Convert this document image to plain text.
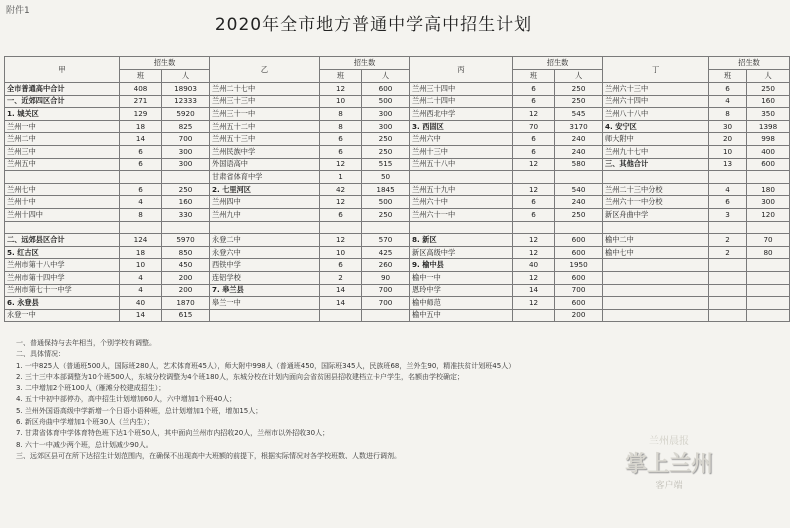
附件1
2020年全市地方普通中学高中招生计划
甲	招生数		乙	招生数		丙	招生数		丁	招生数	
	班	人		班	人		班	人		班	人
全市普通高中合计	408	18903	兰州二十七中	12	600	兰州三十四中	6	250	兰州六十三中	6	250
一、近郊四区合计	271	12333	兰州三十三中	10	500	兰州二十四中	6	250	兰州六十四中	4	160
1. 城关区	129	5920	兰州三十一中	8	300	兰州西北中学	12	545	兰州八十八中	8	350
兰州一中	18	825	兰州五十二中	8	300	3. 西固区	70	3170	4. 安宁区	30	1398
兰州二中	14	700	兰州五十三中	6	250	兰州六中	6	240	师大附中	20	998
兰州三中	6	300	兰州民族中学	6	250	兰州十三中	6	240	兰州九十七中	10	400
兰州五中	6	300	外国语高中	12	515	兰州五十八中	12	580	三、其他合计	13	600
			甘肃省体育中学	1	50						
兰州七中	6	250	2. 七里河区	42	1845	兰州五十九中	12	540	兰州二十三中分校	4	180
兰州十中	4	160	兰州四中	12	500	兰州六十中	6	240	兰州六十一中分校	6	300
兰州十四中	8	330	兰州九中	6	250	兰州六十一中	6	250	新区舟曲中学	3	120

二、远郊县区合计	124	5970	永登二中	12	570	8. 新区	12	600	榆中二中	2	70
5. 红古区	18	850	永登六中	10	425	新区高级中学	12	600	榆中七中	2	80
兰州市第十八中学	10	450	西铁中学	6	260	9. 榆中县	40	1950			
兰州市第十四中学	4	200	连铝学校	2	90	榆中一中	12	600			
兰州市第七十一中学	4	200	7. 皋兰县	14	700	恩玲中学	14	700			
6. 永登县	40	1870	皋兰一中	14	700	榆中师范	12	600			
永登一中	14	615				榆中五中		200			
一、普通保持与去年相当，个别学校有调整。
二、具体情况：
1. 一中825人（普通班500人，国际班280人，艺术体育班45人），师大附中998人（普通班450，国际班345人，民族班68，兰外生90，精准扶贫计划班45人）
2. 三十三中本部调整为10个班500人，东城分校调整为4个班180人，东城分校在计划内面向会省贫困县招收建档立卡户学生，名额由学校确定；
3. 二中增加2个班100人（雁滩分校建成招生）；
4. 五十中初中部停办，高中招生计划增加60人，六中增加1个班40人；
5. 兰州外国语高级中学新增一个日语小语种班，总计划增加1个班，增加15人；
6. 新区舟曲中学增加1个班30人（兰内生）；
7. 甘肃省体育中学体育特色班下达1个班50人，其中面向兰州市内招收20人，兰州市以外招收30人；
8. 六十一中减少两个班，总计划减少90人。
三、远郊区县可在所下达招生计划范围内，在确保不出现高中大班额的前提下，根据实际情况对各学校班数、人数进行调剂。
兰州晨报
掌上兰州
客户端
